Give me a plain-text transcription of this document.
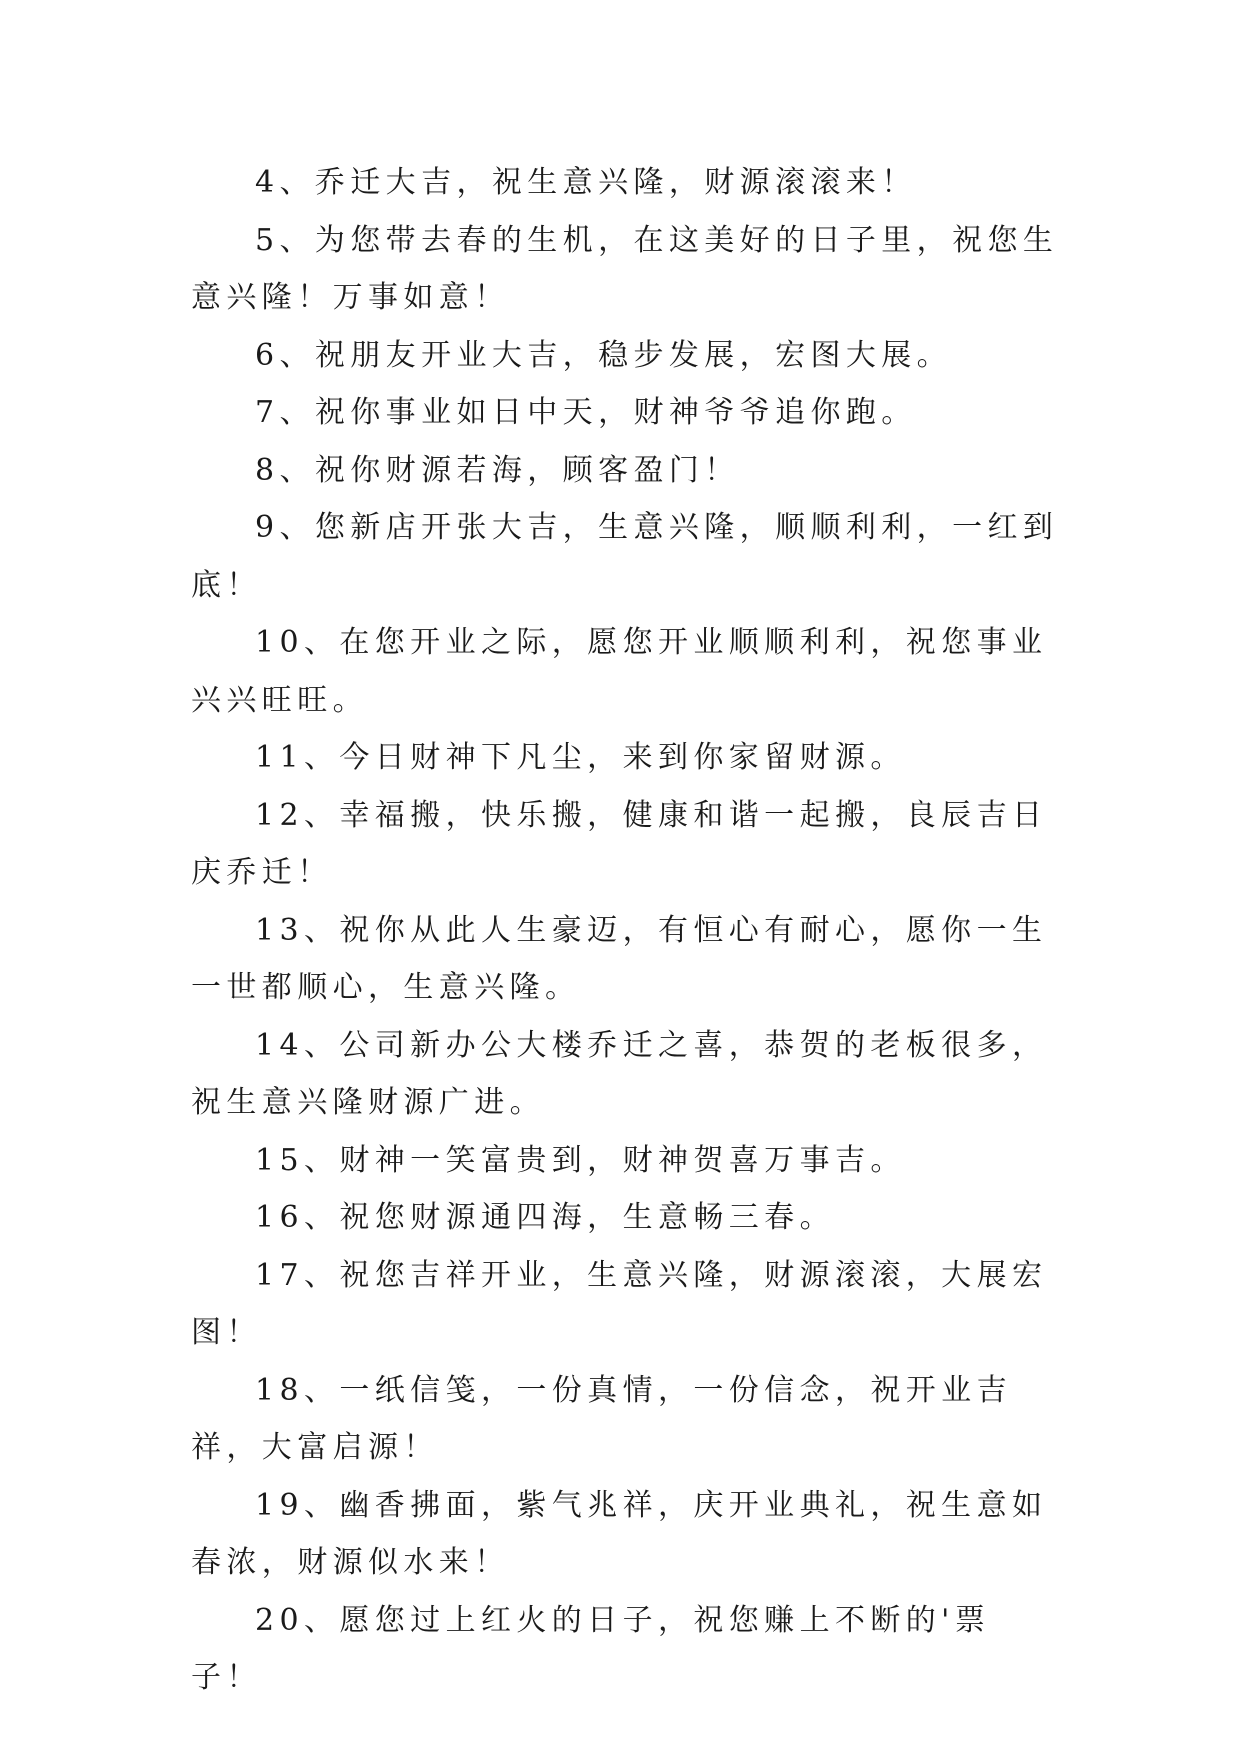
4、乔迁大吉，祝生意兴隆，财源滚滚来！

5、为您带去春的生机，在这美好的日子里，祝您生意兴隆！万事如意！

6、祝朋友开业大吉，稳步发展，宏图大展。

7、祝你事业如日中天，财神爷爷追你跑。

8、祝你财源若海，顾客盈门！

9、您新店开张大吉，生意兴隆，顺顺利利，一红到底！

10、在您开业之际，愿您开业顺顺利利，祝您事业兴兴旺旺。

11、今日财神下凡尘，来到你家留财源。

12、幸福搬，快乐搬，健康和谐一起搬，良辰吉日庆乔迁！

13、祝你从此人生豪迈，有恒心有耐心，愿你一生一世都顺心，生意兴隆。

14、公司新办公大楼乔迁之喜，恭贺的老板很多，祝生意兴隆财源广进。

15、财神一笑富贵到，财神贺喜万事吉。

16、祝您财源通四海，生意畅三春。

17、祝您吉祥开业，生意兴隆，财源滚滚，大展宏图！

18、一纸信笺，一份真情，一份信念，祝开业吉祥，大富启源！

19、幽香拂面，紫气兆祥，庆开业典礼，祝生意如春浓，财源似水来！

20、愿您过上红火的日子，祝您赚上不断的'票子！
